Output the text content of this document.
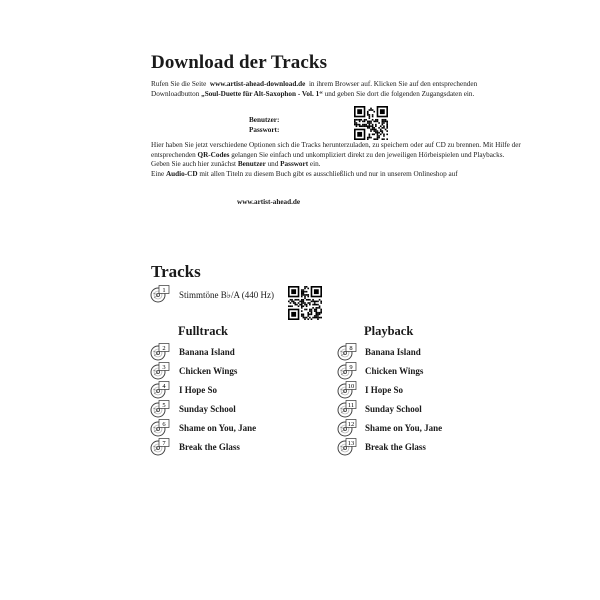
Download der Tracks
Rufen Sie die Seite www.artist-ahead-download.de in ihrem Browser auf. Klicken Sie auf den entsprechenden Downloadbutton „Soul-Duette für Alt-Saxophon - Vol. 1“ und geben Sie dort die folgenden Zugangsdaten ein.
Benutzer:
Passwort:
Hier haben Sie jetzt verschiedene Optionen sich die Tracks herunterzuladen, zu speichern oder auf CD zu brennen. Mit Hilfe der entsprechenden QR-Codes gelangen Sie einfach und unkompliziert direkt zu den jeweiligen Hörbeispielen und Playbacks. Geben Sie auch hier zunächst Benutzer und Passwort ein.
Eine Audio-CD mit allen Titeln zu diesem Buch gibt es ausschließlich und nur in unserem Onlineshop auf
www.artist-ahead.de
Tracks
1 Stimmtöne B♭/A (440 Hz)
Fulltrack	Playback
2 Banana Island
3 Chicken Wings
4 I Hope So
5 Sunday School
6 Shame on You, Jane
7 Break the Glass
8 Banana Island
9 Chicken Wings
10 I Hope So
11 Sunday School
12 Shame on You, Jane
13 Break the Glass
